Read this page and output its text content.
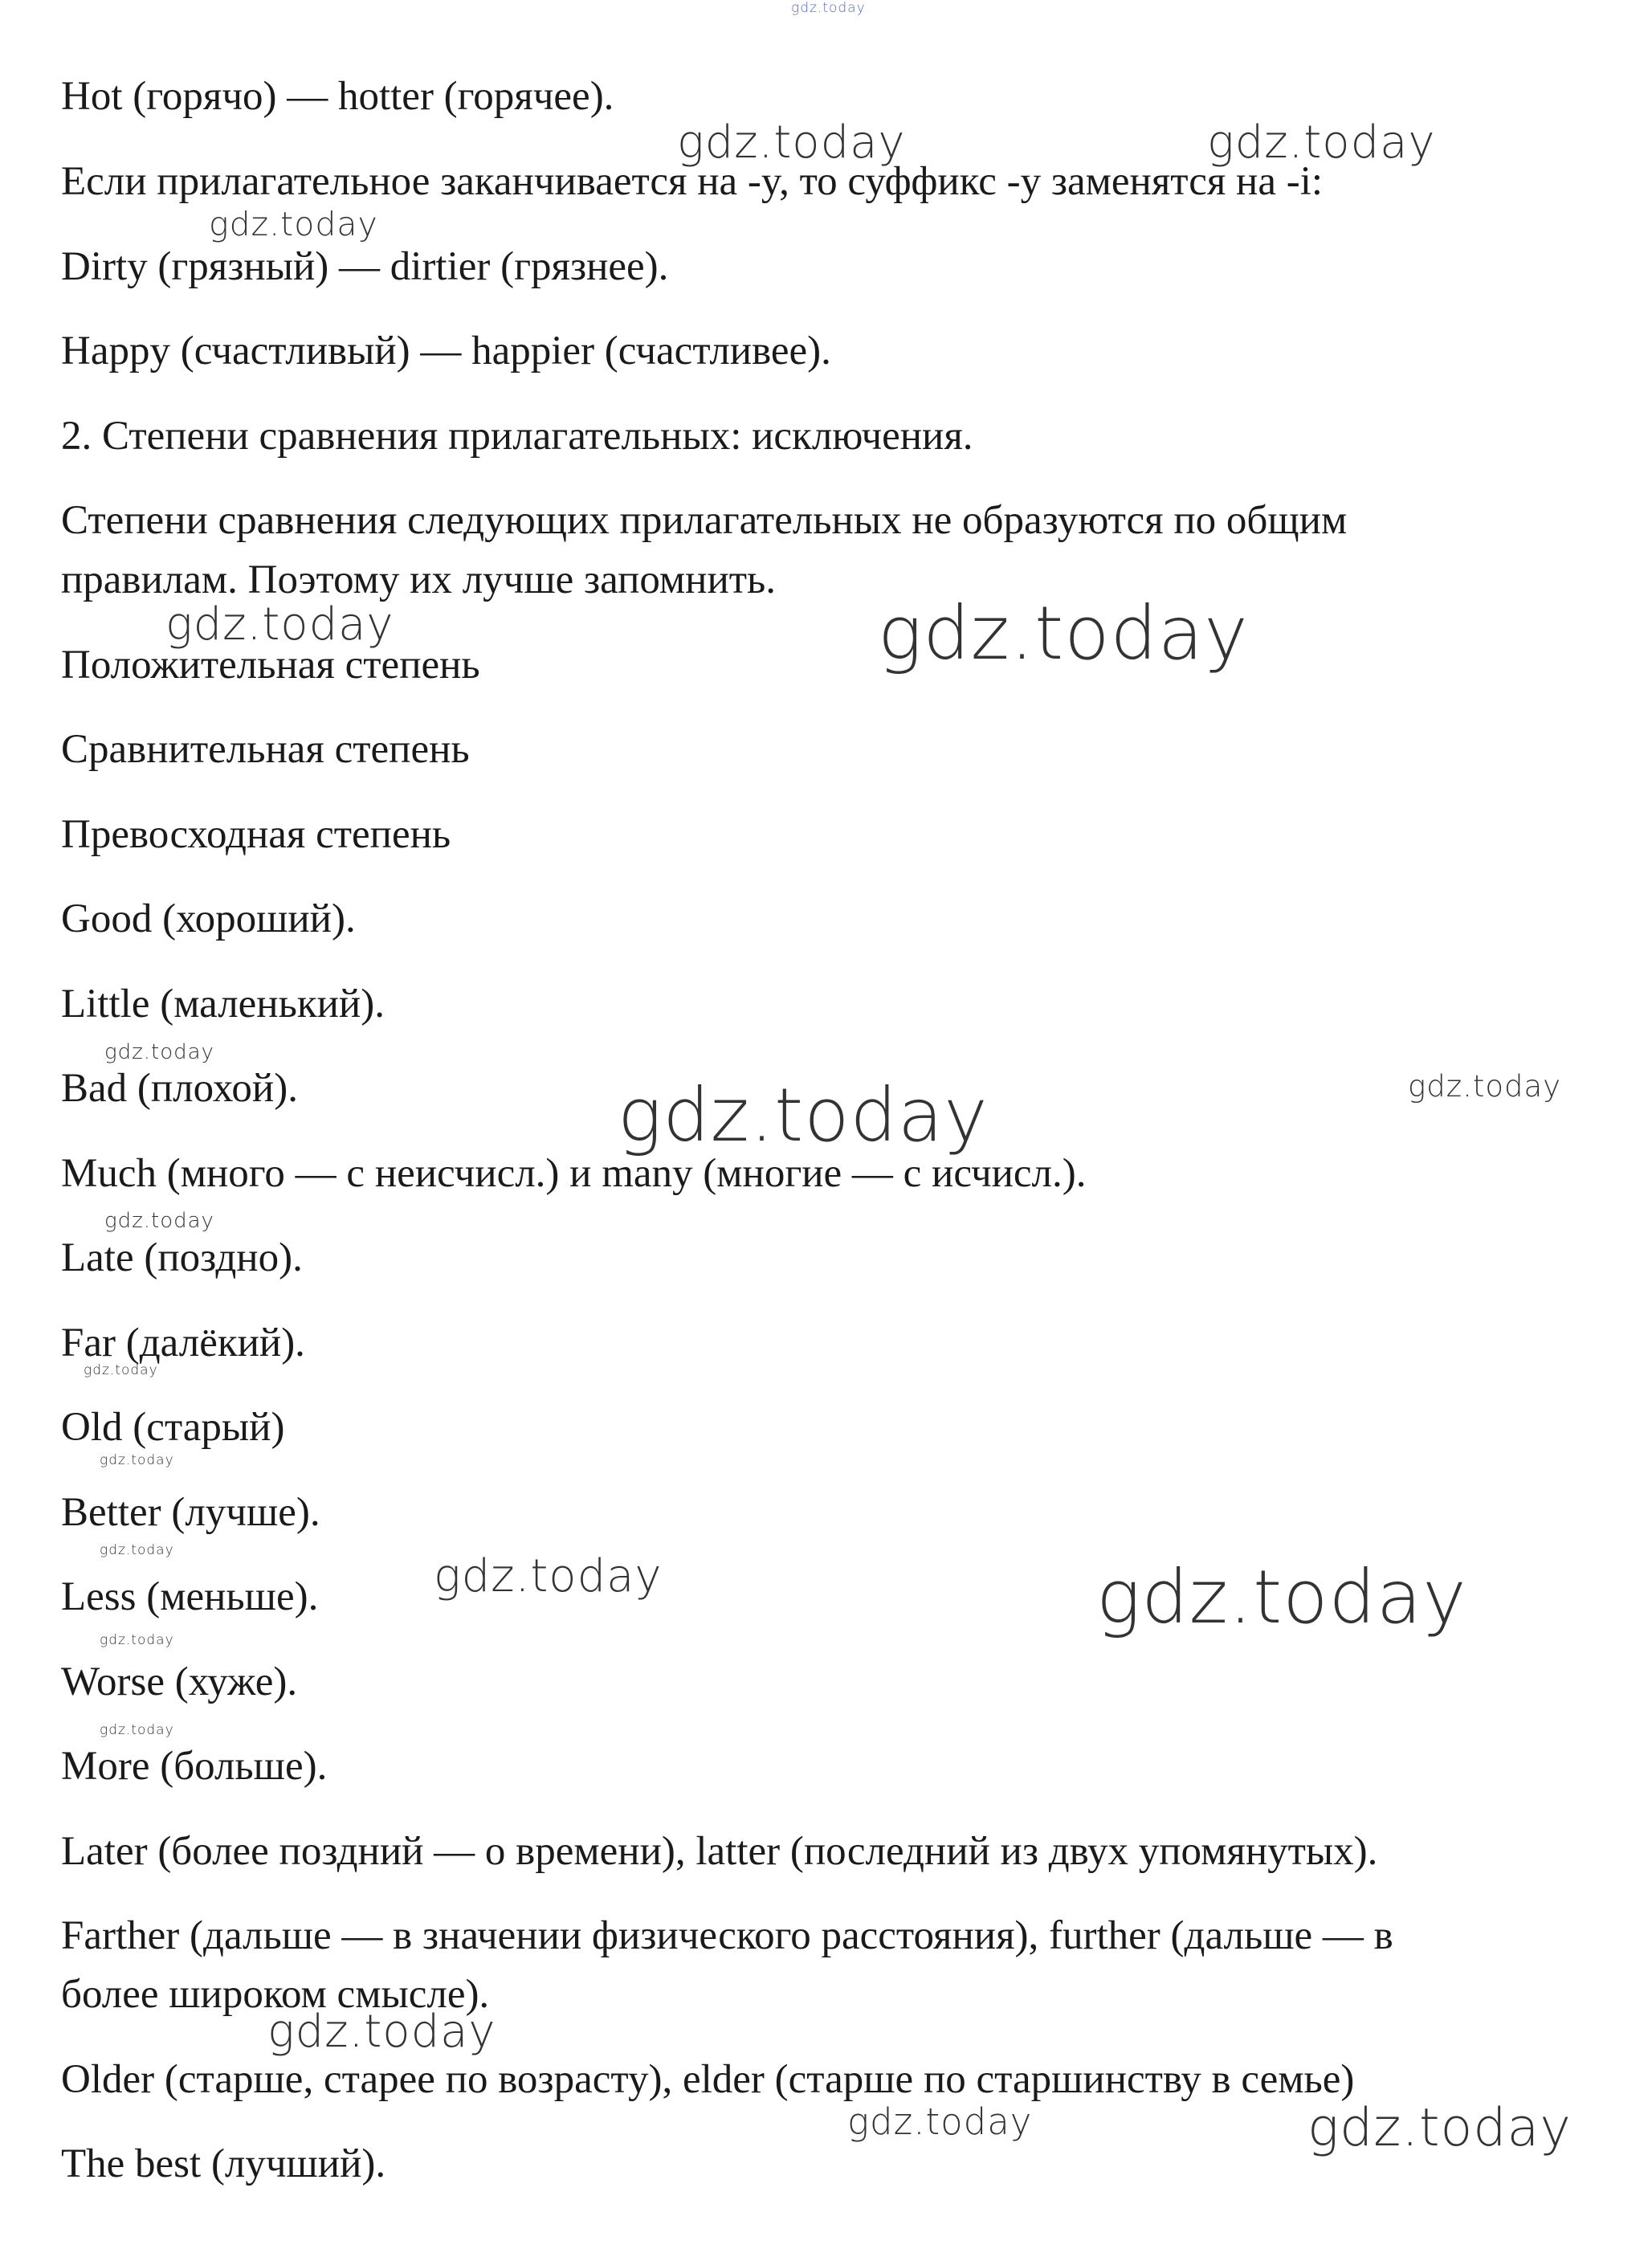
Hot (горячо) — hotter (горячее).
Если прилагательное заканчивается на -y, то суффикс -y заменятся на -i:
Dirty (грязный) — dirtier (грязнее).
Happy (счастливый) — happier (счастливее).
2. Степени сравнения прилагательных: исключения.
Степени сравнения следующих прилагательных не образуются по общим
правилам. Поэтому их лучше запомнить.
Положительная степень
Сравнительная степень
Превосходная степень
Good (хороший).
Little (маленький).
Bad (плохой).
Much (много — с неисчисл.) и many (многие — с исчисл.).
Late (поздно).
Far (далёкий).
Old (старый)
Better (лучше).
Less (меньше).
Worse (хуже).
More (больше).
Later (более поздний — о времени), latter (последний из двух упомянутых).
Farther (дальше — в значении физического расстояния), further (дальше — в
более широком смысле).
Older (старше, старее по возрасту), elder (старше по старшинству в семье)
The best (лучший).
gdz.today
gdz.today	gdz.today
gdz.today
gdz.today	gdz.today
gdz.today
gdz.today	gdz.today
gdz.today
gdz.today
gdz.today
gdz.today	gdz.today	gdz.today
gdz.today
gdz.today
gdz.today
gdz.today	gdz.today
